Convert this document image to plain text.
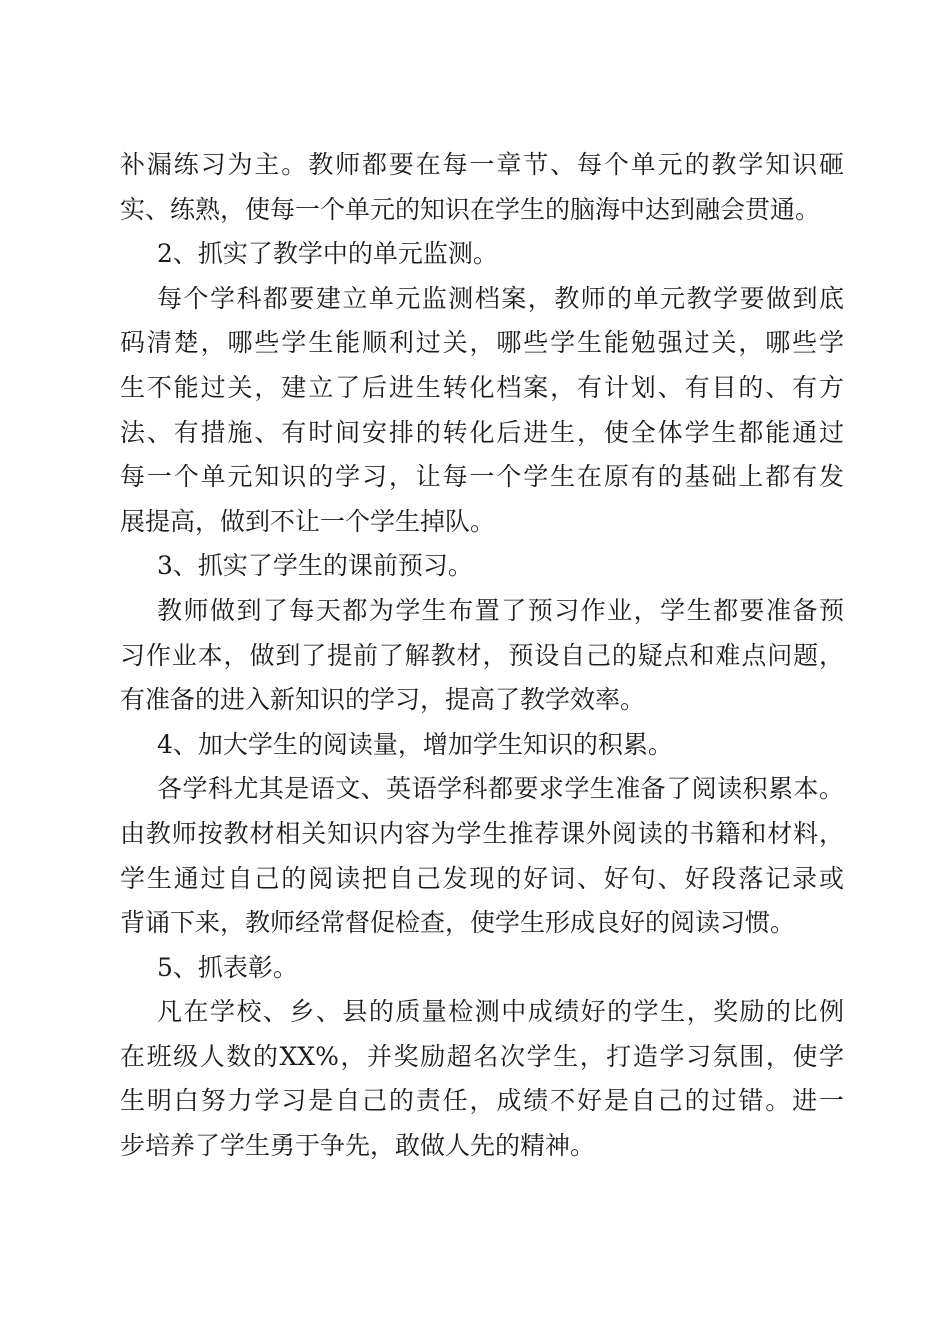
补漏练习为主。教师都要在每一章节、每个单元的教学知识砸
实、练熟，使每一个单元的知识在学生的脑海中达到融会贯通。
2、抓实了教学中的单元监测。
每个学科都要建立单元监测档案，教师的单元教学要做到底
码清楚，哪些学生能顺利过关，哪些学生能勉强过关，哪些学
生不能过关，建立了后进生转化档案，有计划、有目的、有方
法、有措施、有时间安排的转化后进生，使全体学生都能通过
每一个单元知识的学习，让每一个学生在原有的基础上都有发
展提高，做到不让一个学生掉队。
3、抓实了学生的课前预习。
教师做到了每天都为学生布置了预习作业，学生都要准备预
习作业本，做到了提前了解教材，预设自己的疑点和难点问题，
有准备的进入新知识的学习，提高了教学效率。
4、加大学生的阅读量，增加学生知识的积累。
各学科尤其是语文、英语学科都要求学生准备了阅读积累本。
由教师按教材相关知识内容为学生推荐课外阅读的书籍和材料，
学生通过自己的阅读把自己发现的好词、好句、好段落记录或
背诵下来，教师经常督促检查，使学生形成良好的阅读习惯。
5、抓表彰。
凡在学校、乡、县的质量检测中成绩好的学生，奖励的比例
在班级人数的XX%，并奖励超名次学生，打造学习氛围，使学
生明白努力学习是自己的责任，成绩不好是自己的过错。进一
步培养了学生勇于争先，敢做人先的精神。
